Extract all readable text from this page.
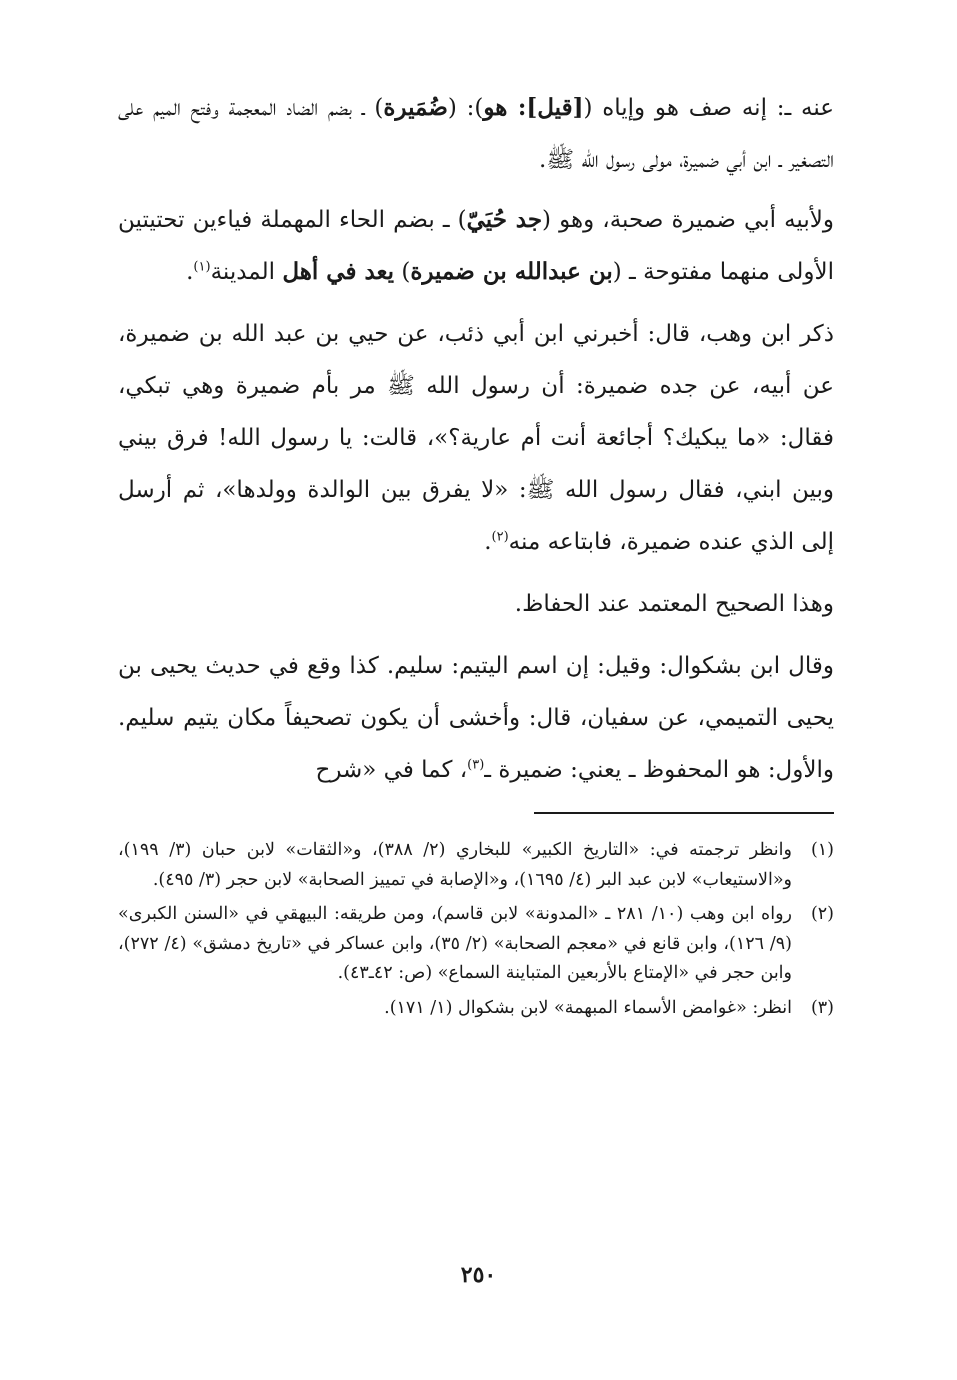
عنه ـ: إنه صف هو وإياه ([قيل]: هو): (ضُمَيرة) ـ بضم الضاد المعجمة وفتح الميم على التصغير ـ ابن أبي ضميرة، مولى رسول الله ﷺ.

ولأبيه أبي ضميرة صحبة، وهو (جد حُيَيّ) ـ بضم الحاء المهملة فياءين تحتيتين الأولى منهما مفتوحة ـ (بن عبدالله بن ضميرة) يعد في أهل المدينة$^{(١)}$.

ذكر ابن وهب، قال: أخبرني ابن أبي ذئب، عن حيي بن عبد الله بن ضميرة، عن أبيه، عن جده ضميرة: أن رسول الله ﷺ مر بأم ضميرة وهي تبكي، فقال: «ما يبكيك؟ أجائعة أنت أم عارية؟»، قالت: يا رسول الله! فرق بيني وبين ابني، فقال رسول الله ﷺ: «لا يفرق بين الوالدة وولدها»، ثم أرسل إلى الذي عنده ضميرة، فابتاعه منه$^{(٢)}$.

وهذا الصحيح المعتمد عند الحفاظ.

وقال ابن بشكوال: وقيل: إن اسم اليتيم: سليم. كذا وقع في حديث يحيى بن يحيى التميمي، عن سفيان، قال: وأخشى أن يكون تصحيفاً مكان يتيم سليم. والأول: هو المحفوظ ـ يعني: ضميرة ـ$^{(٣)}$، كما في «شرح

(١)
وانظر ترجمته في: «التاريخ الكبير» للبخاري (٢/ ٣٨٨)، و«الثقات» لابن حبان (٣/ ١٩٩)، و«الاستيعاب» لابن عبد البر (٤/ ١٦٩٥)، و«الإصابة في تمييز الصحابة» لابن حجر (٣/ ٤٩٥).
(٢)
رواه ابن وهب (١٠/ ٢٨١ ـ «المدونة» لابن قاسم)، ومن طريقه: البيهقي في «السنن الكبرى» (٩/ ١٢٦)، وابن قانع في «معجم الصحابة» (٢/ ٣٥)، وابن عساكر في «تاريخ دمشق» (٤/ ٢٧٢)، وابن حجر في «الإمتاع بالأربعين المتباينة السماع» (ص: ٤٢ـ٤٣).
(٣)
انظر: «غوامض الأسماء المبهمة» لابن بشكوال (١/ ١٧١).
٢٥٠
